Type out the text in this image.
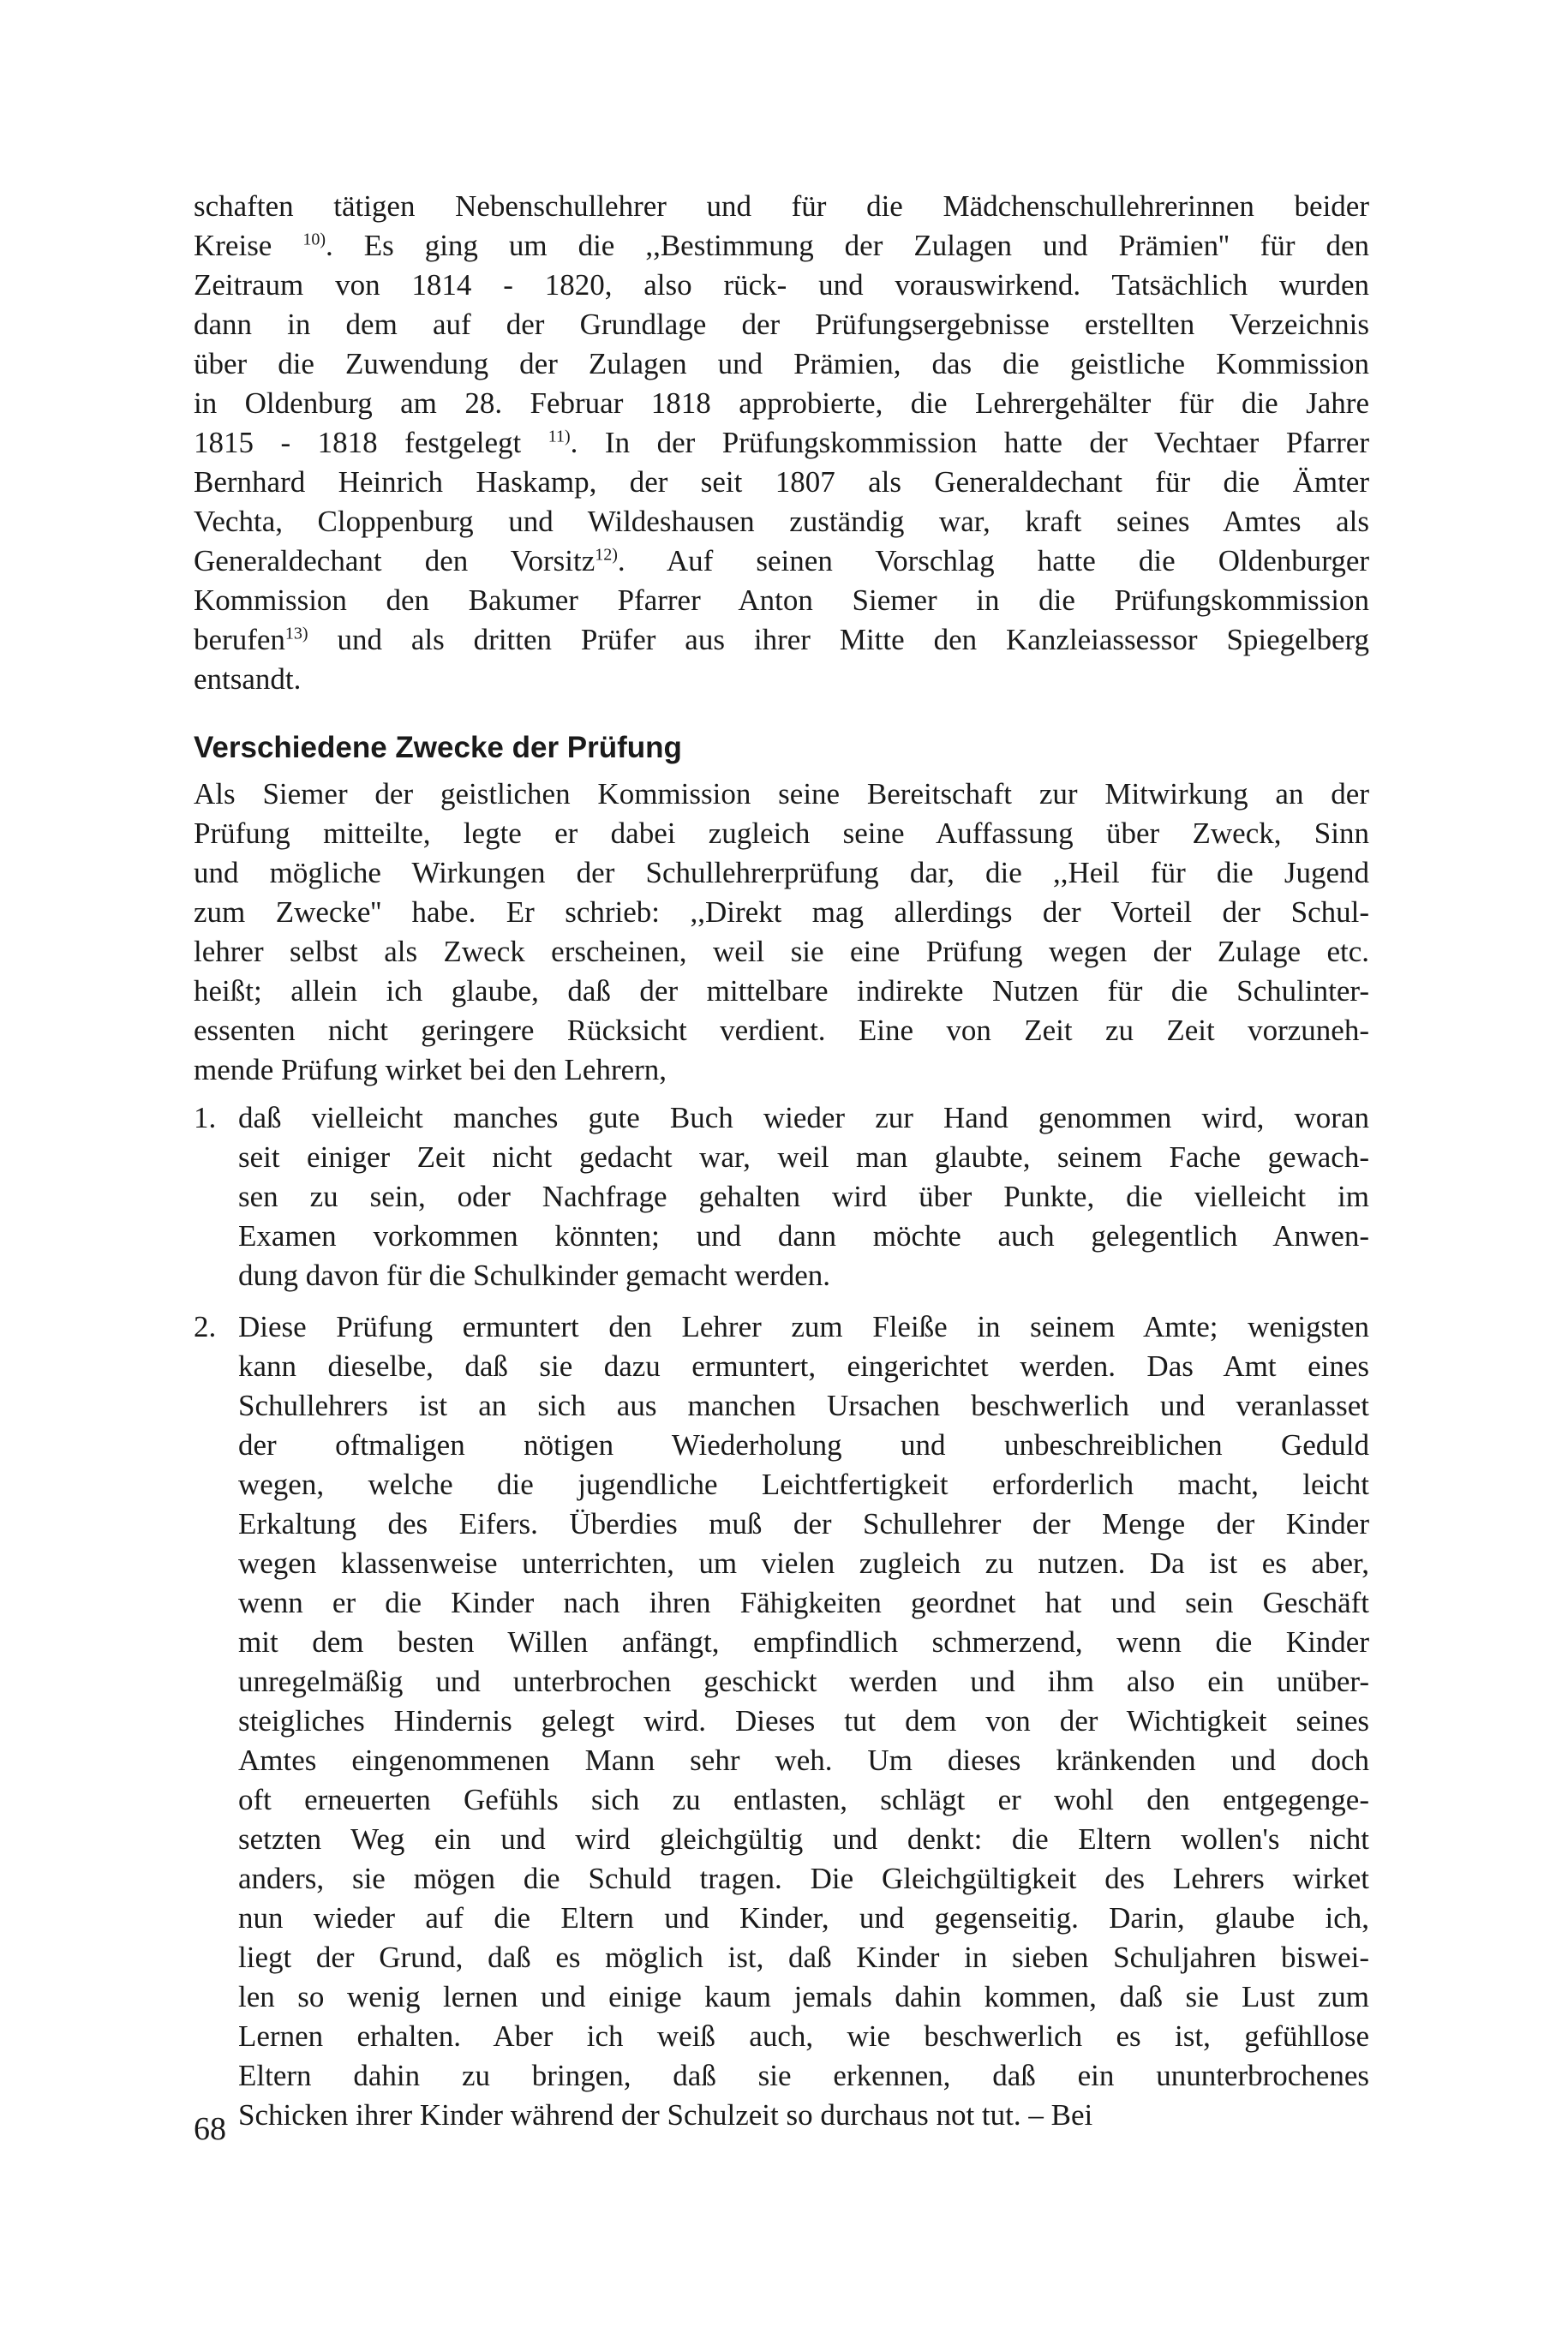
schaften tätigen Nebenschullehrer und für die Mädchenschullehrerinnen beider
Kreise $^{10)}$. Es ging um die ,,Bestimmung der Zulagen und Prämien'' für den
Zeitraum von 1814 - 1820, also rück- und vorauswirkend. Tatsächlich wurden
dann in dem auf der Grundlage der Prüfungsergebnisse erstellten Verzeichnis
über die Zuwendung der Zulagen und Prämien, das die geistliche Kommission
in Oldenburg am 28. Februar 1818 approbierte, die Lehrergehälter für die Jahre
1815 - 1818 festgelegt $^{11)}$. In der Prüfungskommission hatte der Vechtaer Pfarrer
Bernhard Heinrich Haskamp, der seit 1807 als Generaldechant für die Ämter
Vechta, Cloppenburg und Wildeshausen zuständig war, kraft seines Amtes als
Generaldechant den Vorsitz$^{12)}$. Auf seinen Vorschlag hatte die Oldenburger
Kommission den Bakumer Pfarrer Anton Siemer in die Prüfungskommission
berufen$^{13)}$ und als dritten Prüfer aus ihrer Mitte den Kanzleiassessor Spiegelberg
entsandt.
Verschiedene Zwecke der Prüfung
Als Siemer der geistlichen Kommission seine Bereitschaft zur Mitwirkung an der
Prüfung mitteilte, legte er dabei zugleich seine Auffassung über Zweck, Sinn
und mögliche Wirkungen der Schullehrerprüfung dar, die ,,Heil für die Jugend
zum Zwecke'' habe. Er schrieb: ,,Direkt mag allerdings der Vorteil der Schul-
lehrer selbst als Zweck erscheinen, weil sie eine Prüfung wegen der Zulage etc.
heißt; allein ich glaube, daß der mittelbare indirekte Nutzen für die Schulinter-
essenten nicht geringere Rücksicht verdient. Eine von Zeit zu Zeit vorzuneh-
mende Prüfung wirket bei den Lehrern,
1. daß vielleicht manches gute Buch wieder zur Hand genommen wird, woran
seit einiger Zeit nicht gedacht war, weil man glaubte, seinem Fache gewach-
sen zu sein, oder Nachfrage gehalten wird über Punkte, die vielleicht im
Examen vorkommen könnten; und dann möchte auch gelegentlich Anwen-
dung davon für die Schulkinder gemacht werden.
2. Diese Prüfung ermuntert den Lehrer zum Fleiße in seinem Amte; wenigsten
kann dieselbe, daß sie dazu ermuntert, eingerichtet werden. Das Amt eines
Schullehrers ist an sich aus manchen Ursachen beschwerlich und veranlasset
der oftmaligen nötigen Wiederholung und unbeschreiblichen Geduld
wegen, welche die jugendliche Leichtfertigkeit erforderlich macht, leicht
Erkaltung des Eifers. Überdies muß der Schullehrer der Menge der Kinder
wegen klassenweise unterrichten, um vielen zugleich zu nutzen. Da ist es aber,
wenn er die Kinder nach ihren Fähigkeiten geordnet hat und sein Geschäft
mit dem besten Willen anfängt, empfindlich schmerzend, wenn die Kinder
unregelmäßig und unterbrochen geschickt werden und ihm also ein unüber-
steigliches Hindernis gelegt wird. Dieses tut dem von der Wichtigkeit seines
Amtes eingenommenen Mann sehr weh. Um dieses kränkenden und doch
oft erneuerten Gefühls sich zu entlasten, schlägt er wohl den entgegenge-
setzten Weg ein und wird gleichgültig und denkt: die Eltern wollen's nicht
anders, sie mögen die Schuld tragen. Die Gleichgültigkeit des Lehrers wirket
nun wieder auf die Eltern und Kinder, und gegenseitig. Darin, glaube ich,
liegt der Grund, daß es möglich ist, daß Kinder in sieben Schuljahren biswei-
len so wenig lernen und einige kaum jemals dahin kommen, daß sie Lust zum
Lernen erhalten. Aber ich weiß auch, wie beschwerlich es ist, gefühllose
Eltern dahin zu bringen, daß sie erkennen, daß ein ununterbrochenes
Schicken ihrer Kinder während der Schulzeit so durchaus not tut. – Bei
68
